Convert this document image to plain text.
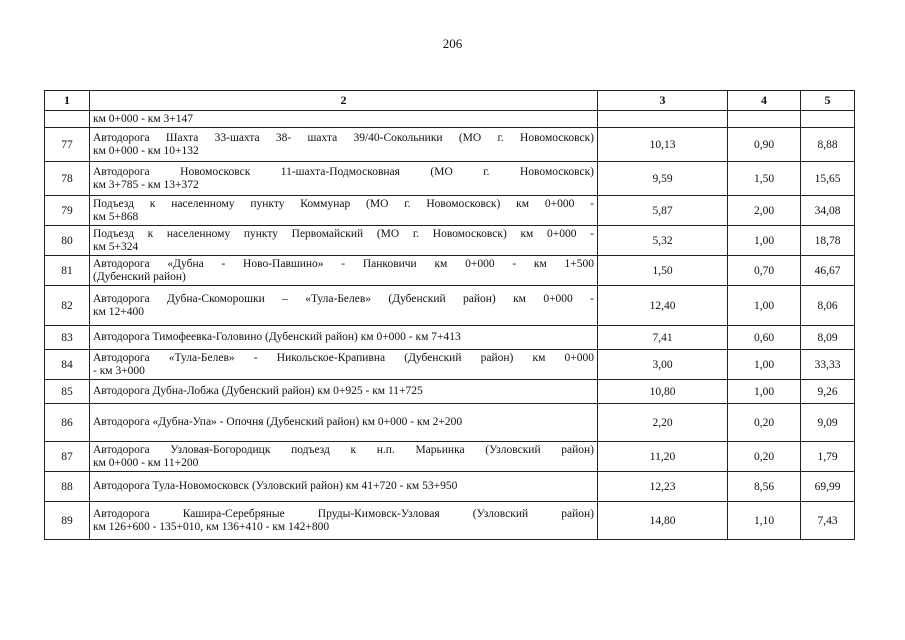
206
1	2	3	4	5

	км 0+000 - км 3+147			

77	Автодорога Шахта 33-шахта 38- шахта 39/40-Сокольники (МО г. Новомосковск)
км 0+000 - км 10+132	10,13	0,90	8,88
78	Автодорога Новомосковск 11-шахта-Подмосковная (МО г. Новомосковск)
км 3+785 - км 13+372	9,59	1,50	15,65
79	Подъезд к населенному пункту Коммунар (МО г. Новомосковск) км 0+000 -
км 5+868	5,87	2,00	34,08
80	Подъезд к населенному пункту Первомайский (МО г. Новомосковск) км 0+000 -
км 5+324	5,32	1,00	18,78
81	Автодорога «Дубна - Ново-Павшино» - Панковичи км 0+000 - км 1+500
(Дубенский район)	1,50	0,70	46,67
82	Автодорога Дубна-Скоморошки – «Тула-Белев» (Дубенский район) км 0+000 -
км 12+400	12,40	1,00	8,06
83	Автодорога Тимофеевка-Головино (Дубенский район) км 0+000 - км 7+413	7,41	0,60	8,09
84	Автодорога «Тула-Белев» - Никольское-Крапивна (Дубенский район) км 0+000
- км 3+000	3,00	1,00	33,33
85	Автодорога Дубна-Лобжа (Дубенский район) км 0+925 - км 11+725	10,80	1,00	9,26
86	Автодорога «Дубна-Упа» - Опочня (Дубенский район) км 0+000 - км 2+200	2,20	0,20	9,09
87	Автодорога Узловая-Богородицк подъезд к н.п. Марьинка (Узловский район)
км 0+000 - км 11+200	11,20	0,20	1,79
88	Автодорога Тула-Новомосковск (Узловский район) км 41+720 - км 53+950	12,23	8,56	69,99
89	Автодорога Кашира-Серебряные Пруды-Кимовск-Узловая (Узловский район)
км 126+600 - 135+010, км 136+410 - км 142+800	14,80	1,10	7,43
